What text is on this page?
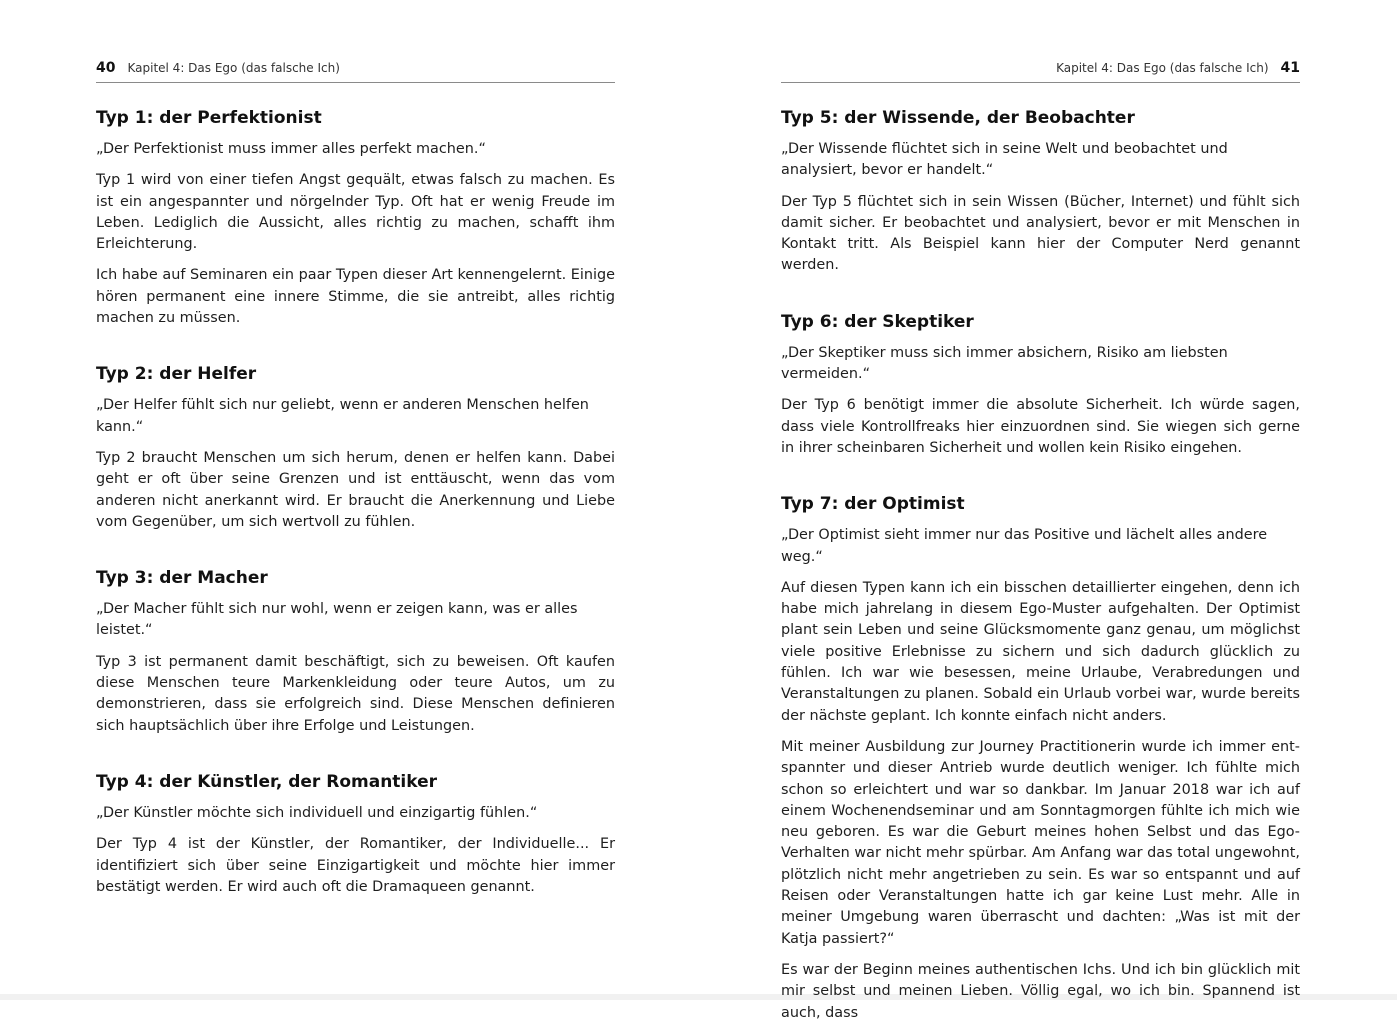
40 Kapitel 4: Das Ego (das falsche Ich)
Typ 1: der Perfektionist

„Der Perfektionist muss immer alles perfekt machen.“

Typ 1 wird von einer tiefen Angst gequält, etwas falsch zu machen. Es ist ein angespannter und nörgelnder Typ. Oft hat er wenig Freude im Leben. Lediglich die Aussicht, alles richtig zu machen, schafft ihm Erleichterung.

Ich habe auf Seminaren ein paar Typen dieser Art kennengelernt. Einige hören permanent eine innere Stimme, die sie antreibt, alles richtig machen zu müssen.

Typ 2: der Helfer

„Der Helfer fühlt sich nur geliebt, wenn er anderen Menschen helfen kann.“

Typ 2 braucht Menschen um sich herum, denen er helfen kann. Dabei geht er oft über seine Grenzen und ist enttäuscht, wenn das vom anderen nicht anerkannt wird. Er braucht die Anerkennung und Liebe vom Gegenüber, um sich wertvoll zu fühlen.

Typ 3: der Macher

„Der Macher fühlt sich nur wohl, wenn er zeigen kann, was er alles leistet.“

Typ 3 ist permanent damit beschäftigt, sich zu beweisen. Oft kaufen diese Menschen teure Markenkleidung oder teure Autos, um zu demonstrieren, dass sie erfolgreich sind. Diese Menschen definieren sich hauptsächlich über ihre Erfolge und Leistungen.

Typ 4: der Künstler, der Romantiker

„Der Künstler möchte sich individuell und einzigartig fühlen.“

Der Typ 4 ist der Künstler, der Romantiker, der Individuelle... Er identifiziert sich über seine Einzigartigkeit und möchte hier immer bestätigt werden. Er wird auch oft die Dramaqueen genannt.

Kapitel 4: Das Ego (das falsche Ich) 41
Typ 5: der Wissende, der Beobachter

„Der Wissende flüchtet sich in seine Welt und beobachtet und analysiert, bevor er handelt.“

Der Typ 5 flüchtet sich in sein Wissen (Bücher, Internet) und fühlt sich damit sicher. Er beobachtet und analysiert, bevor er mit Menschen in Kontakt tritt. Als Beispiel kann hier der Computer Nerd genannt werden.

Typ 6: der Skeptiker

„Der Skeptiker muss sich immer absichern, Risiko am liebsten vermeiden.“

Der Typ 6 benötigt immer die absolute Sicherheit. Ich würde sagen, dass viele Kontrollfreaks hier einzuordnen sind. Sie wiegen sich gerne in ihrer scheinbaren Sicherheit und wollen kein Risiko eingehen.

Typ 7: der Optimist

„Der Optimist sieht immer nur das Positive und lächelt alles andere weg.“

Auf diesen Typen kann ich ein bisschen detaillierter eingehen, denn ich habe mich jahrelang in diesem Ego-Muster aufgehalten. Der Optimist plant sein Leben und seine Glücksmomente ganz genau, um möglichst viele positive Erlebnisse zu sichern und sich dadurch glücklich zu fühlen. Ich war wie besessen, meine Urlaube, Verabredungen und Veranstaltungen zu planen. Sobald ein Urlaub vorbei war, wurde bereits der nächste geplant. Ich konnte einfach nicht anders.

Mit meiner Ausbildung zur Journey Practitionerin wurde ich immer entspannter und dieser Antrieb wurde deutlich weniger. Ich fühlte mich schon so erleichtert und war so dankbar. Im Januar 2018 war ich auf einem Wochenendseminar und am Sonntagmorgen fühlte ich mich wie neu geboren. Es war die Geburt meines hohen Selbst und das Ego-Verhalten war nicht mehr spürbar. Am Anfang war das total ungewohnt, plötzlich nicht mehr angetrieben zu sein. Es war so entspannt und auf Reisen oder Veranstaltungen hatte ich gar keine Lust mehr. Alle in meiner Umgebung waren überrascht und dachten: „Was ist mit der Katja passiert?“

Es war der Beginn meines authentischen Ichs. Und ich bin glücklich mit mir selbst und meinen Lieben. Völlig egal, wo ich bin. Spannend ist auch, dass
